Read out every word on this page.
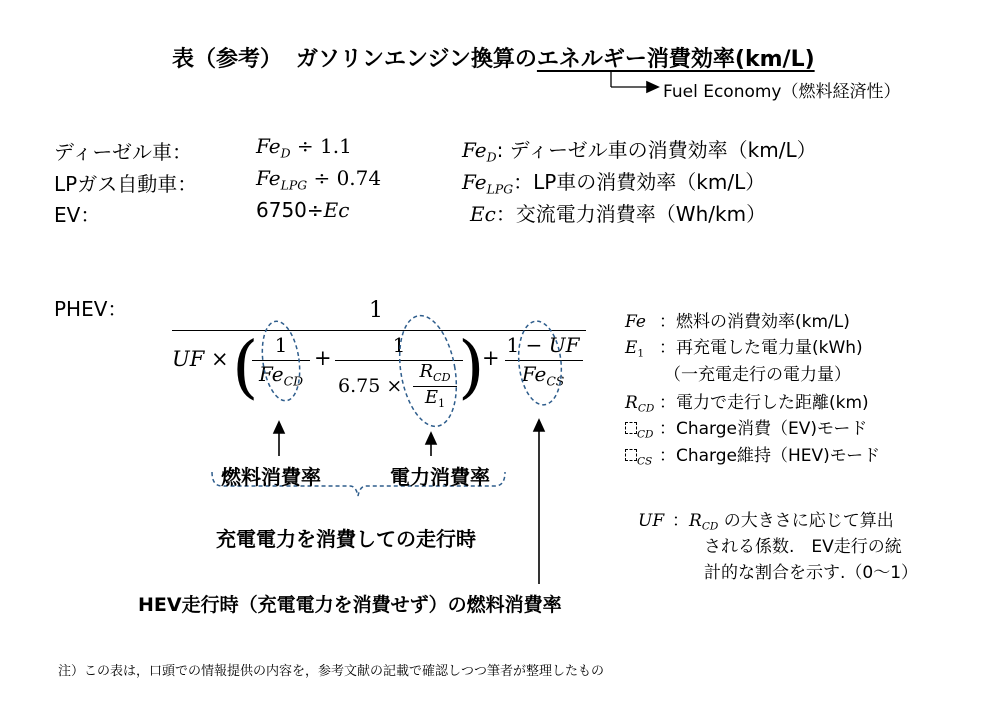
表（参考） ガソリンエンジン換算のエネルギー消費効率(km/L)
Fuel Economy（燃料経済性）
ディーゼル車：	$Fe_D \div 1.1$	$Fe_D$: ディーゼル車の消費効率（km/L）
LPガス自動車：	$Fe_{LPG} \div 0.74$	$Fe_{LPG}$：LP車の消費効率（km/L）
EV：	6750÷Ec	Ec：交流電力消費率（Wh/km）
PHEV：	1
UF × ( 1
$Fe_{CD}$
+
1
6.75 ×
$R_{CD}$
$E_1$ )
+
1 − UF
$Fe_{CS}$
燃料消費率	電力消費率
充電電力を消費しての走行時
HEV走行時（充電電力を消費せず）の燃料消費率
Fe ：燃料の消費効率(km/L)
$E_1$ ：再充電した電力量(kWh)
（一充電走行の電力量）
$R_{CD}$ ：電力で走行した距離(km)
$_{CD}$ ：Charge消費（EV)モード
$_{CS}$ ：Charge維持（HEV)モード
UF ：$R_{CD}$ の大きさに応じて算出
される係数.　EV走行の統
計的な割合を示す.（0～1）
注）この表は，口頭での情報提供の内容を，参考文献の記載で確認しつつ筆者が整理したもの
